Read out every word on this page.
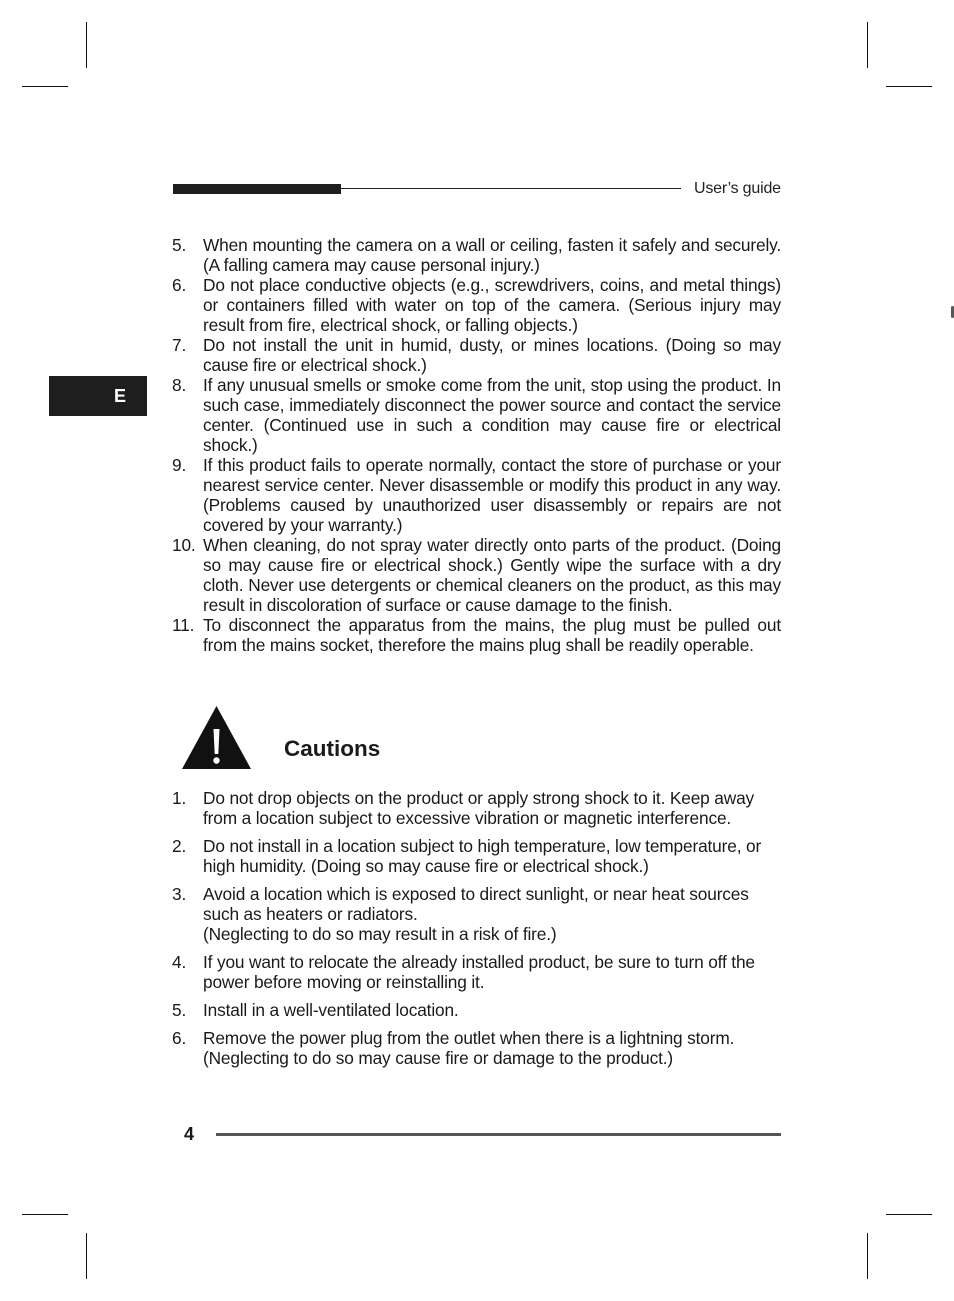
User’s guide
E
5. When mounting the camera on a wall or ceiling, fasten it safely and securely. (A falling camera may cause personal injury.)
6. Do not place conductive objects (e.g., screwdrivers, coins, and metal things) or containers filled with water on top of the camera. (Serious injury may result from fire, electrical shock, or falling objects.)
7. Do not install the unit in humid, dusty, or mines locations. (Doing so may cause fire or electrical shock.)
8. If any unusual smells or smoke come from the unit, stop using the product. In such case, immediately disconnect the power source and contact the service center. (Continued use in such a condition may cause fire or electrical shock.)
9. If this product fails to operate normally, contact the store of purchase or your nearest service center. Never disassemble or modify this product in any way. (Problems caused by unauthorized user disassembly or repairs are not covered by your warranty.)
10. When cleaning, do not spray water directly onto parts of the product. (Doing so may cause fire or electrical shock.) Gently wipe the surface with a dry cloth. Never use detergents or chemical cleaners on the product, as this may result in discoloration of surface or cause damage to the finish.
11. To disconnect the apparatus from the mains, the plug must be pulled out from the mains socket, therefore the mains plug shall be readily operable.
Cautions
1. Do not drop objects on the product or apply strong shock to it. Keep away from a location subject to excessive vibration or magnetic interference.
2. Do not install in a location subject to high temperature, low temperature, or high humidity. (Doing so may cause fire or electrical shock.)
3. Avoid a location which is exposed to direct sunlight, or near heat sources such as heaters or radiators.
(Neglecting to do so may result in a risk of fire.)
4. If you want to relocate the already installed product, be sure to turn off the power before moving or reinstalling it.
5. Install in a well-ventilated location.
6. Remove the power plug from the outlet when there is a lightning storm.
(Neglecting to do so may cause fire or damage to the product.)
4
